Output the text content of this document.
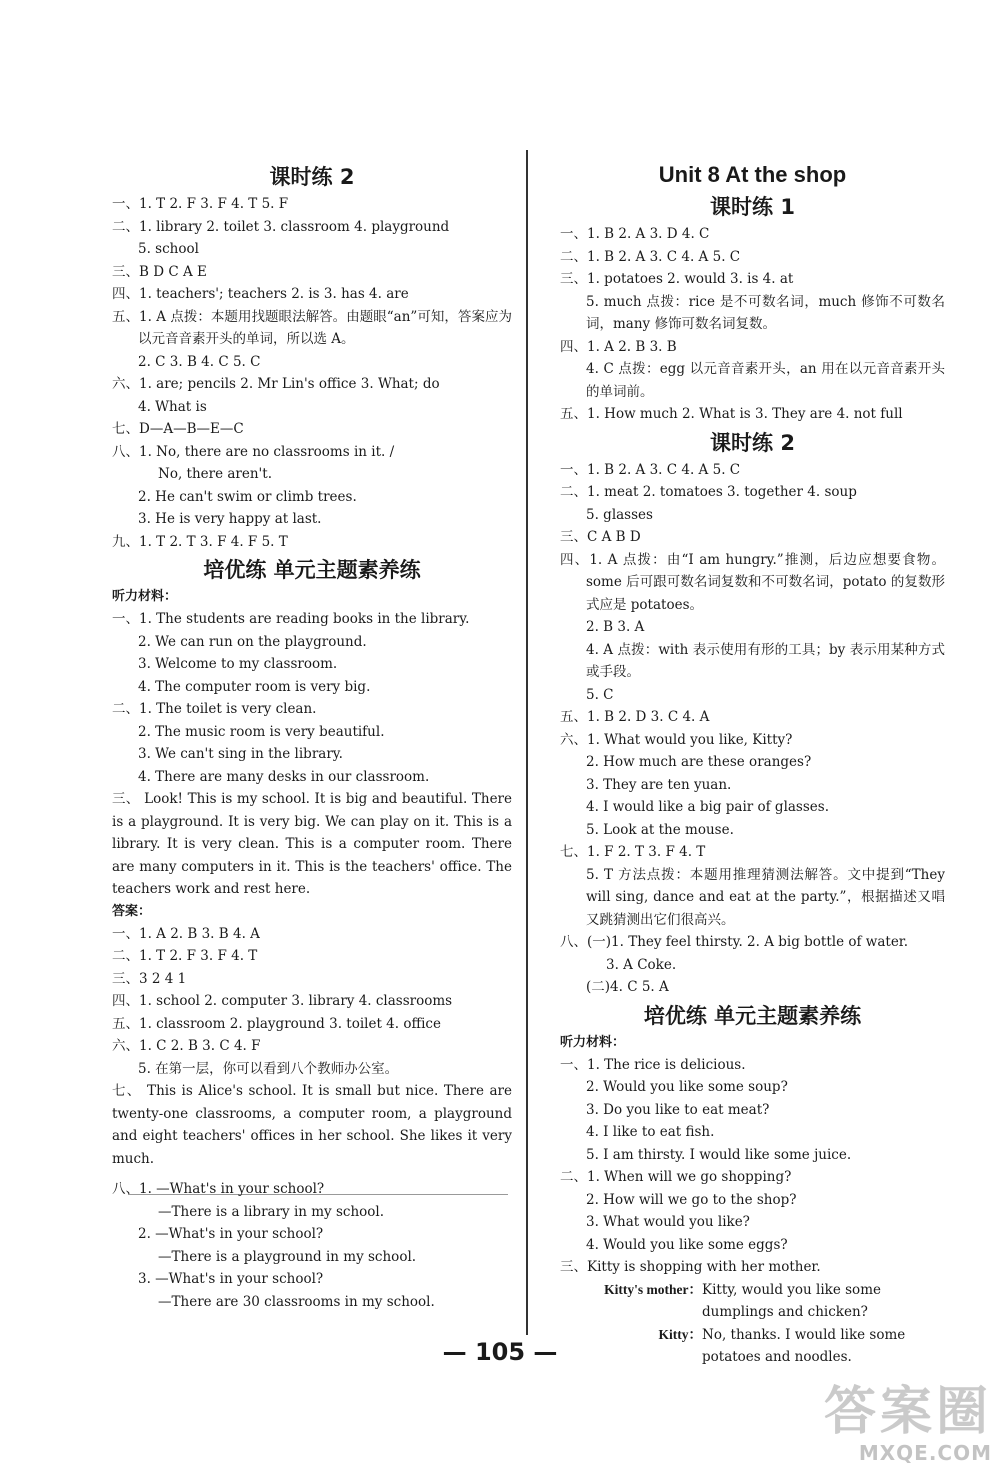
课时练 2
一、1. T 2. F 3. F 4. T 5. F
二、1. library 2. toilet 3. classroom 4. playground
5. school
三、B D C A E
四、1. teachers'; teachers 2. is 3. has 4. are
五、1. A 点拨：本题用找题眼法解答。由题眼“an”可知，答案应为以元音音素开头的单词，所以选 A。
2. C 3. B 4. C 5. C
六、1. are; pencils 2. Mr Lin's office 3. What; do
4. What is
七、D—A—B—E—C
八、1. No, there are no classrooms in it. /
No, there aren't.
2. He can't swim or climb trees.
3. He is very happy at last.
九、1. T 2. T 3. F 4. F 5. T
培优练 单元主题素养练
听力材料：
一、1. The students are reading books in the library.
2. We can run on the playground.
3. Welcome to my classroom.
4. The computer room is very big.
二、1. The toilet is very clean.
2. The music room is very beautiful.
3. We can't sing in the library.
4. There are many desks in our classroom.
三、 Look! This is my school. It is big and beautiful. There is a playground. It is very big. We can play on it. This is a library. It is very clean. This is a computer room. There are many computers in it. This is the teachers' office. The teachers work and rest here.
答案：
一、1. A 2. B 3. B 4. A
二、1. T 2. F 3. F 4. T
三、3 2 4 1
四、1. school 2. computer 3. library 4. classrooms
五、1. classroom 2. playground 3. toilet 4. office
六、1. C 2. B 3. C 4. F
5. 在第一层，你可以看到八个教师办公室。
七、 This is Alice's school. It is small but nice. There are twenty-one classrooms, a computer room, a playground and eight teachers' offices in her school. She likes it very much.
八、1. —What's in your school?
—There is a library in my school.
2. —What's in your school?
—There is a playground in my school.
3. —What's in your school?
—There are 30 classrooms in my school.
Unit 8 At the shop
课时练 1
一、1. B 2. A 3. D 4. C
二、1. B 2. A 3. C 4. A 5. C
三、1. potatoes 2. would 3. is 4. at
5. much 点拨：rice 是不可数名词，much 修饰不可数名词，many 修饰可数名词复数。
四、1. A 2. B 3. B
4. C 点拨：egg 以元音音素开头，an 用在以元音音素开头的单词前。
五、1. How much 2. What is 3. They are 4. not full
课时练 2
一、1. B 2. A 3. C 4. A 5. C
二、1. meat 2. tomatoes 3. together 4. soup
5. glasses
三、C A B D
四、1. A 点拨：由“I am hungry.”推测，后边应想要食物。some 后可跟可数名词复数和不可数名词，potato 的复数形式应是 potatoes。
2. B 3. A
4. A 点拨：with 表示使用有形的工具；by 表示用某种方式或手段。
5. C
五、1. B 2. D 3. C 4. A
六、1. What would you like, Kitty?
2. How much are these oranges?
3. They are ten yuan.
4. I would like a big pair of glasses.
5. Look at the mouse.
七、1. F 2. T 3. F 4. T
5. T 方法点拨：本题用推理猜测法解答。文中提到“They will sing, dance and eat at the party.”，根据描述又唱又跳猜测出它们很高兴。
八、(一)1. They feel thirsty. 2. A big bottle of water.
3. A Coke.
(二)4. C 5. A
培优练 单元主题素养练
听力材料：
一、1. The rice is delicious.
2. Would you like some soup?
3. Do you like to eat meat?
4. I like to eat fish.
5. I am thirsty. I would like some juice.
二、1. When will we go shopping?
2. How will we go to the shop?
3. What would you like?
4. Would you like some eggs?
三、Kitty is shopping with her mother.
Kitty's mother： Kitty, would you like some dumplings and chicken?
Kitty： No, thanks. I would like some potatoes and noodles.
— 105 —
答案圈
MXQE.COM
